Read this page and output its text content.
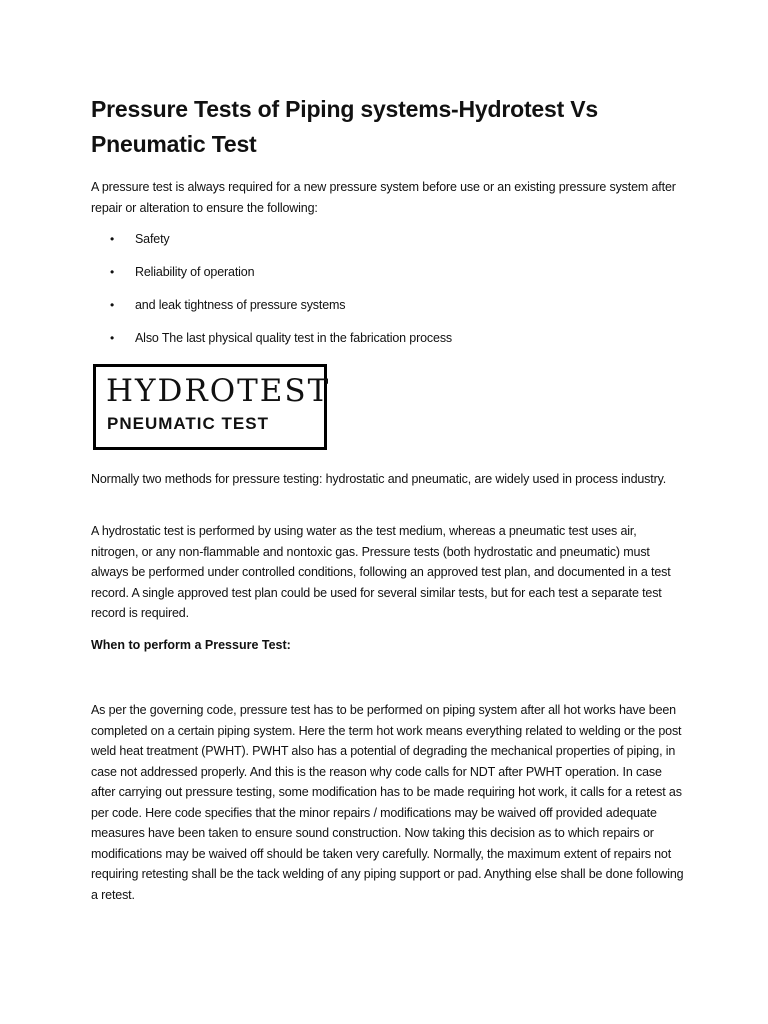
Pressure Tests of Piping systems-Hydrotest Vs Pneumatic Test

A pressure test is always required for a new pressure system before use or an existing pressure system after repair or alteration to ensure the following:

•	Safety
•	Reliability of operation
•	and leak tightness of pressure systems
•	Also The last physical quality test in the fabrication process
HYDROTEST
PNEUMATIC TEST

Normally two methods for pressure testing: hydrostatic and pneumatic, are widely used in process industry.

A hydrostatic test is performed by using water as the test medium, whereas a pneumatic test uses air, nitrogen, or any non-flammable and nontoxic gas. Pressure tests (both hydrostatic and pneumatic) must always be performed under controlled conditions, following an approved test plan, and documented in a test record. A single approved test plan could be used for several similar tests, but for each test a separate test record is required.

When to perform a Pressure Test:

As per the governing code, pressure test has to be performed on piping system after all hot works have been completed on a certain piping system. Here the term hot work means everything related to welding or the post weld heat treatment (PWHT). PWHT also has a potential of degrading the mechanical properties of piping, in case not addressed properly. And this is the reason why code calls for NDT after PWHT operation. In case after carrying out pressure testing, some modification has to be made requiring hot work, it calls for a retest as per code. Here code specifies that the minor repairs / modifications may be waived off provided adequate measures have been taken to ensure sound construction. Now taking this decision as to which repairs or modifications may be waived off should be taken very carefully. Normally, the maximum extent of repairs not requiring retesting shall be the tack welding of any piping support or pad. Anything else shall be done following a retest.
